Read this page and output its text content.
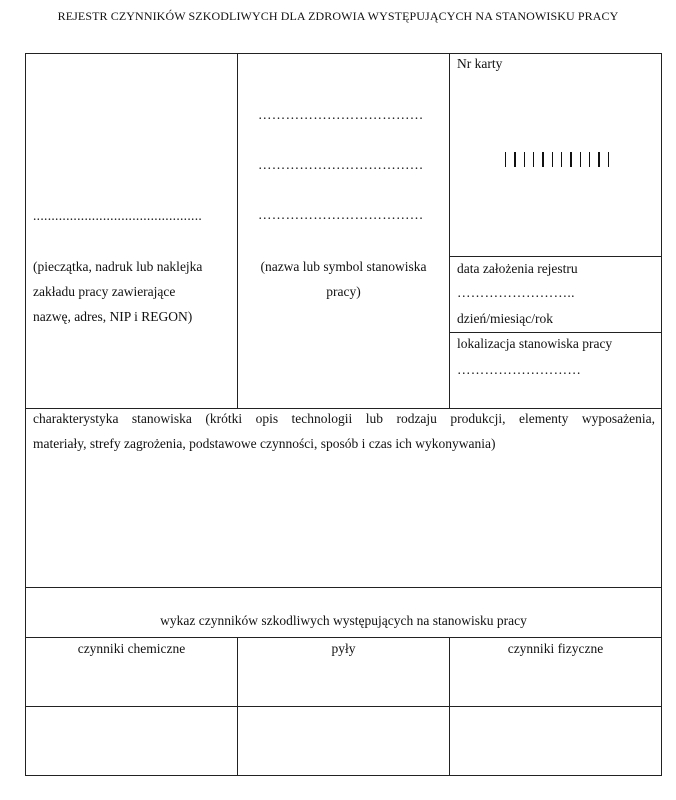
REJESTR CZYNNIKÓW SZKODLIWYCH DLA ZDROWIA WYSTĘPUJĄCYCH NA STANOWISKU PRACY
..............................................
(pieczątka, nadruk lub naklejka
zakładu pracy zawierające
nazwę, adres, NIP i REGON)
………………………………
………………………………
………………………………
(nazwa lub symbol stanowiska
pracy)
Nr karty
data założenia rejestru
……………………..
dzień/miesiąc/rok
lokalizacja stanowiska pracy
………………………
charakterystyka stanowiska (krótki opis technologii lub rodzaju produkcji, elementy wyposażenia,
materiały, strefy zagrożenia, podstawowe czynności, sposób i czas ich wykonywania)
wykaz czynników szkodliwych występujących na stanowisku pracy
czynniki chemiczne	pyły	czynniki fizyczne
